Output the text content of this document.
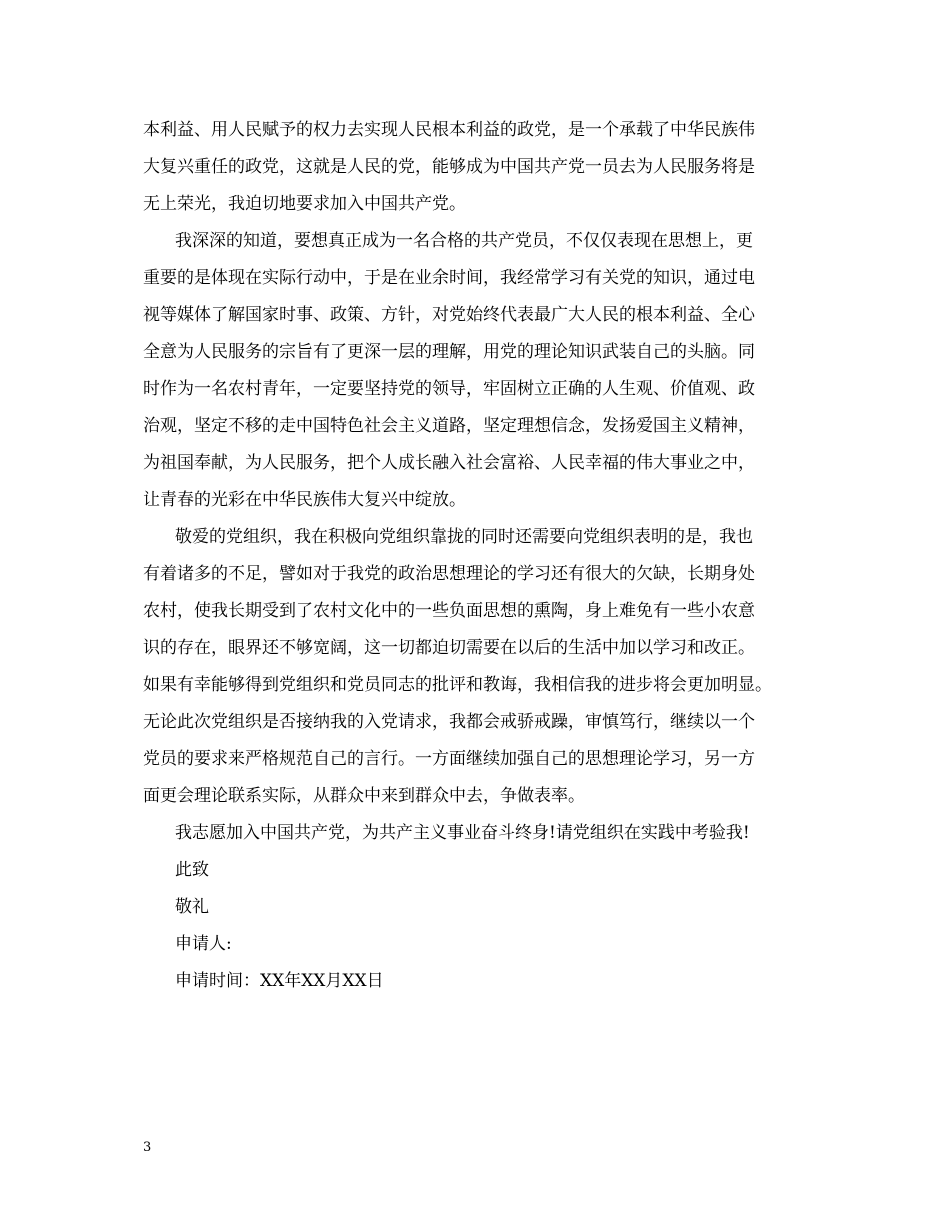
本利益、用人民赋予的权力去实现人民根本利益的政党，是一个承载了中华民族伟
大复兴重任的政党，这就是人民的党，能够成为中国共产党一员去为人民服务将是
无上荣光，我迫切地要求加入中国共产党。
我深深的知道，要想真正成为一名合格的共产党员，不仅仅表现在思想上，更
重要的是体现在实际行动中，于是在业余时间，我经常学习有关党的知识，通过电
视等媒体了解国家时事、政策、方针，对党始终代表最广大人民的根本利益、全心
全意为人民服务的宗旨有了更深一层的理解，用党的理论知识武装自己的头脑。同
时作为一名农村青年，一定要坚持党的领导，牢固树立正确的人生观、价值观、政
治观，坚定不移的走中国特色社会主义道路，坚定理想信念，发扬爱国主义精神，
为祖国奉献，为人民服务，把个人成长融入社会富裕、人民幸福的伟大事业之中，
让青春的光彩在中华民族伟大复兴中绽放。
敬爱的党组织，我在积极向党组织靠拢的同时还需要向党组织表明的是，我也
有着诸多的不足，譬如对于我党的政治思想理论的学习还有很大的欠缺，长期身处
农村，使我长期受到了农村文化中的一些负面思想的熏陶，身上难免有一些小农意
识的存在，眼界还不够宽阔，这一切都迫切需要在以后的生活中加以学习和改正。
如果有幸能够得到党组织和党员同志的批评和教诲，我相信我的进步将会更加明显。
无论此次党组织是否接纳我的入党请求，我都会戒骄戒躁，审慎笃行，继续以一个
党员的要求来严格规范自己的言行。一方面继续加强自己的思想理论学习，另一方
面更会理论联系实际，从群众中来到群众中去，争做表率。
我志愿加入中国共产党，为共产主义事业奋斗终身!请党组织在实践中考验我!
此致
敬礼
申请人:
申请时间：XX年XX月XX日
3
